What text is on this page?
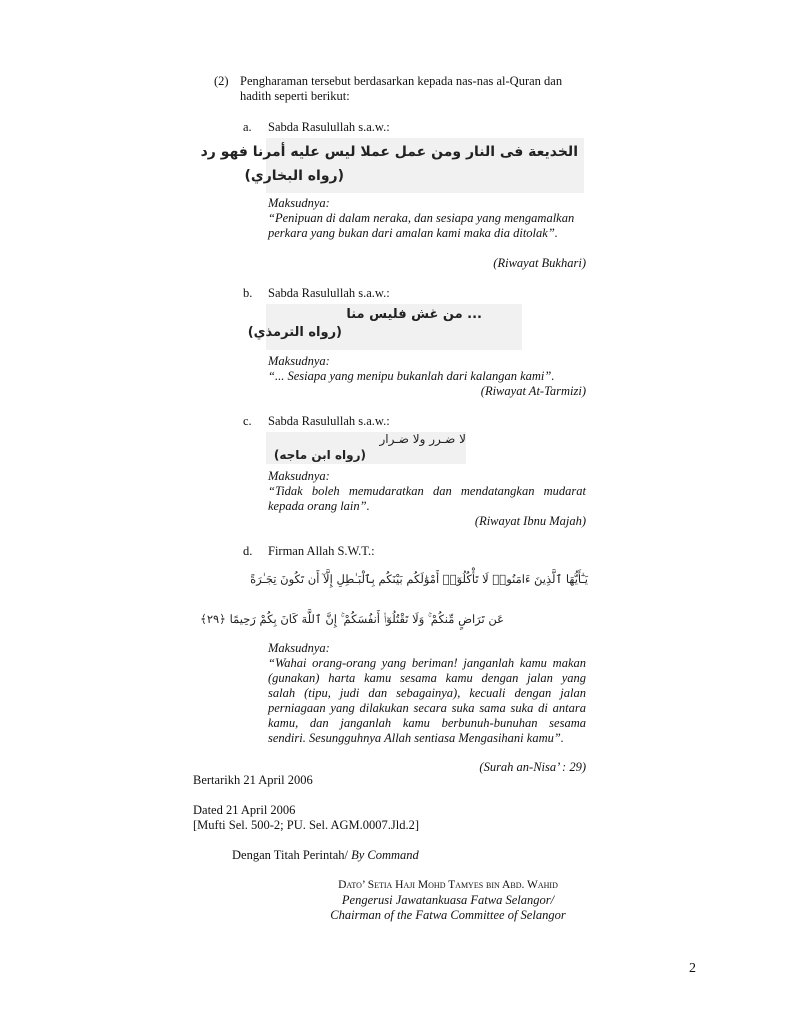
(2) Pengharaman tersebut berdasarkan kepada nas-nas al-Quran dan
hadith seperti berikut:
a. Sabda Rasulullah s.a.w.:
الخديعة فى النار ومن عمل عملا ليس عليه أمرنا فهو رد
(رواه البخاري)
Maksudnya:
“Penipuan di dalam neraka, dan sesiapa yang mengamalkan
perkara yang bukan dari amalan kami maka dia ditolak”.
(Riwayat Bukhari)
b. Sabda Rasulullah s.a.w.:
... من غش فليس منا
(رواه الترمذي)
Maksudnya:
“... Sesiapa yang menipu bukanlah dari kalangan kami”.
(Riwayat At-Tarmizi)
c. Sabda Rasulullah s.a.w.:
لا ضـرر ولا ضـرار
(رواه ابن ماجه)
Maksudnya:
“Tidak boleh memudaratkan dan mendatangkan mudarat
kepada orang lain”.
(Riwayat Ibnu Majah)
d. Firman Allah S.W.T.:
يَـٰٓأَيُّهَا ٱلَّذِينَ ءَامَنُوا۟ لَا تَأْكُلُوٓا۟ أَمْوَٰلَكُم بَيْنَكُم بِٱلْبَـٰطِلِ إِلَّآ أَن تَكُونَ تِجَـٰرَةً
عَن تَرَاضٍ مِّنكُمْ ۚ وَلَا تَقْتُلُوٓا۟ أَنفُسَكُمْ ۚ إِنَّ ٱللَّهَ كَانَ بِكُمْ رَحِيمًا ﴿٢٩﴾
Maksudnya:
“Wahai orang-orang yang beriman! janganlah kamu makan
(gunakan) harta kamu sesama kamu dengan jalan yang
salah (tipu, judi dan sebagainya), kecuali dengan jalan
perniagaan yang dilakukan secara suka sama suka di antara
kamu, dan janganlah kamu berbunuh-bunuhan sesama
sendiri. Sesungguhnya Allah sentiasa Mengasihani kamu”.
(Surah an-Nisa’ : 29)
Bertarikh 21 April 2006
Dated 21 April 2006
[Mufti Sel. 500-2; PU. Sel. AGM.0007.Jld.2]
Dengan Titah Perintah/ By Command
Dato’ Setia Haji Mohd Tamyes bin Abd. Wahid
Pengerusi Jawatankuasa Fatwa Selangor/
Chairman of the Fatwa Committee of Selangor
2
